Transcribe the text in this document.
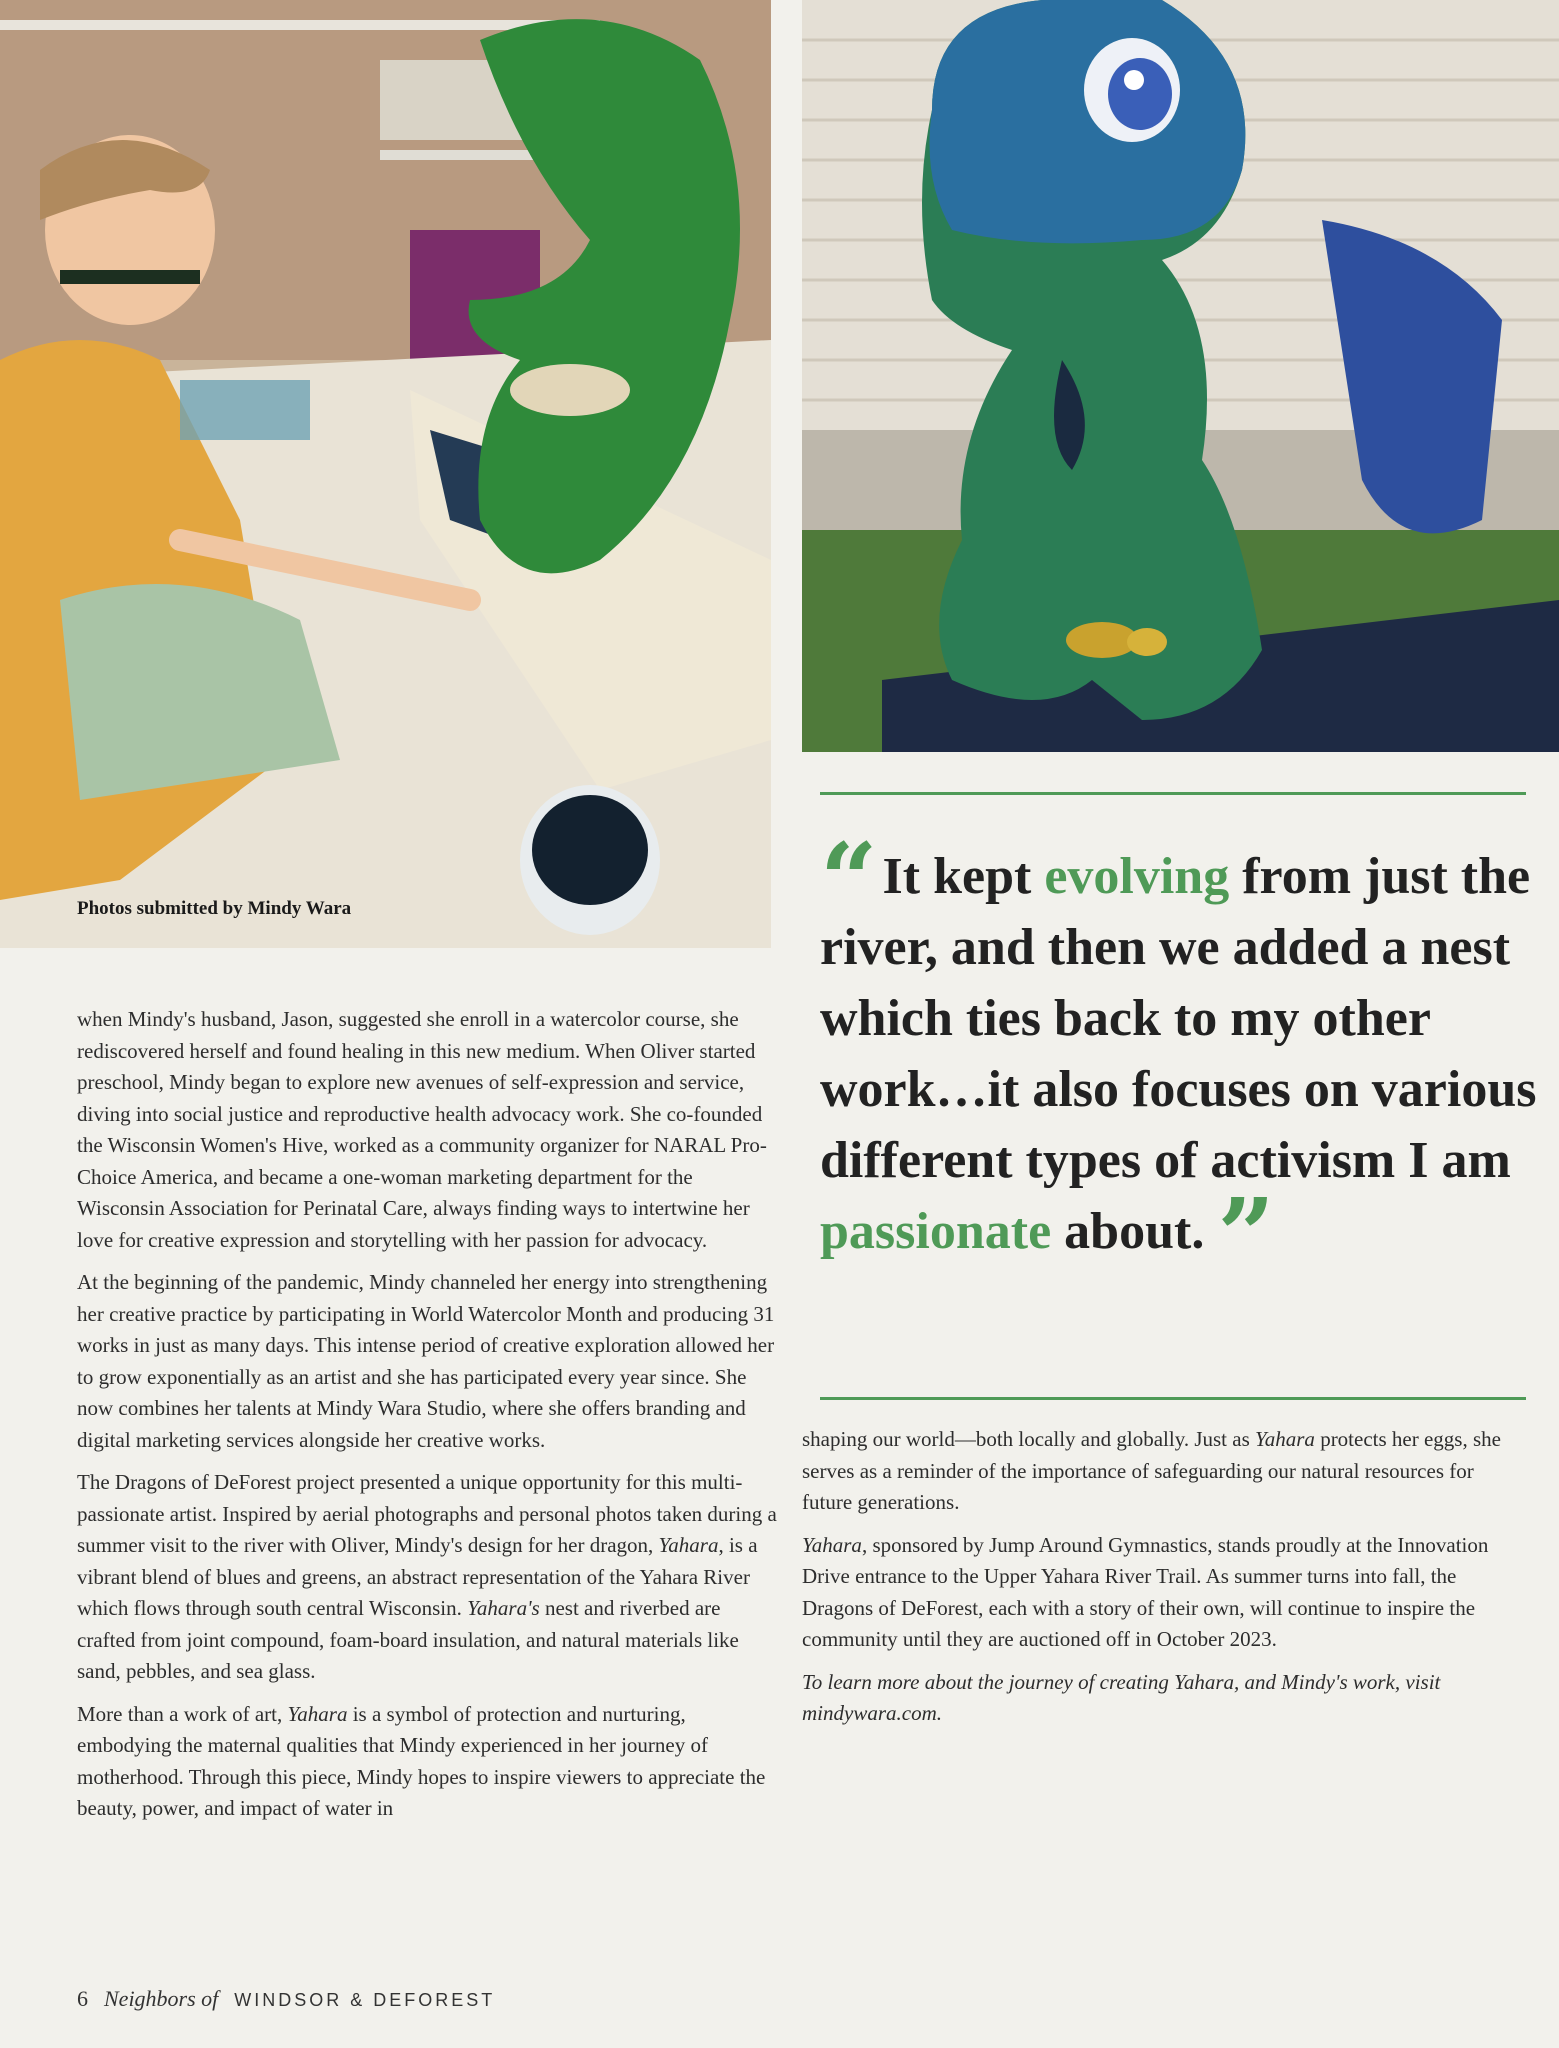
Photos submitted by Mindy Wara	“ It kept evolving from just the river, and then we added a nest which ties back to my other work…it also focuses on various different types of activism I am passionate about. ”

when Mindy's husband, Jason, suggested she enroll in a watercolor course, she rediscovered herself and found healing in this new medium. When Oliver started preschool, Mindy began to explore new avenues of self-expression and service, diving into social justice and reproductive health advocacy work. She co-founded the Wisconsin Women's Hive, worked as a community organizer for NARAL Pro-Choice America, and became a one-woman marketing department for the Wisconsin Association for Perinatal Care, always finding ways to intertwine her love for creative expression and storytelling with her passion for advocacy.

At the beginning of the pandemic, Mindy channeled her energy into strengthening her creative practice by participating in World Watercolor Month and producing 31 works in just as many days. This intense period of creative exploration allowed her to grow exponentially as an artist and she has participated every year since. She now combines her talents at Mindy Wara Studio, where she offers branding and digital marketing services alongside her creative works.

The Dragons of DeForest project presented a unique opportunity for this multi-passionate artist. Inspired by aerial photographs and personal photos taken during a summer visit to the river with Oliver, Mindy's design for her dragon, Yahara, is a vibrant blend of blues and greens, an abstract representation of the Yahara River which flows through south central Wisconsin. Yahara's nest and riverbed are crafted from joint compound, foam-board insulation, and natural materials like sand, pebbles, and sea glass.

More than a work of art, Yahara is a symbol of protection and nurturing, embodying the maternal qualities that Mindy experienced in her journey of motherhood. Through this piece, Mindy hopes to inspire viewers to appreciate the beauty, power, and impact of water in

shaping our world—both locally and globally. Just as Yahara protects her eggs, she serves as a reminder of the importance of safeguarding our natural resources for future generations.

Yahara, sponsored by Jump Around Gymnastics, stands proudly at the Innovation Drive entrance to the Upper Yahara River Trail. As summer turns into fall, the Dragons of DeForest, each with a story of their own, will continue to inspire the community until they are auctioned off in October 2023.

To learn more about the journey of creating Yahara, and Mindy's work, visit mindywara.com.

6 Neighbors of WINDSOR & DEFOREST
